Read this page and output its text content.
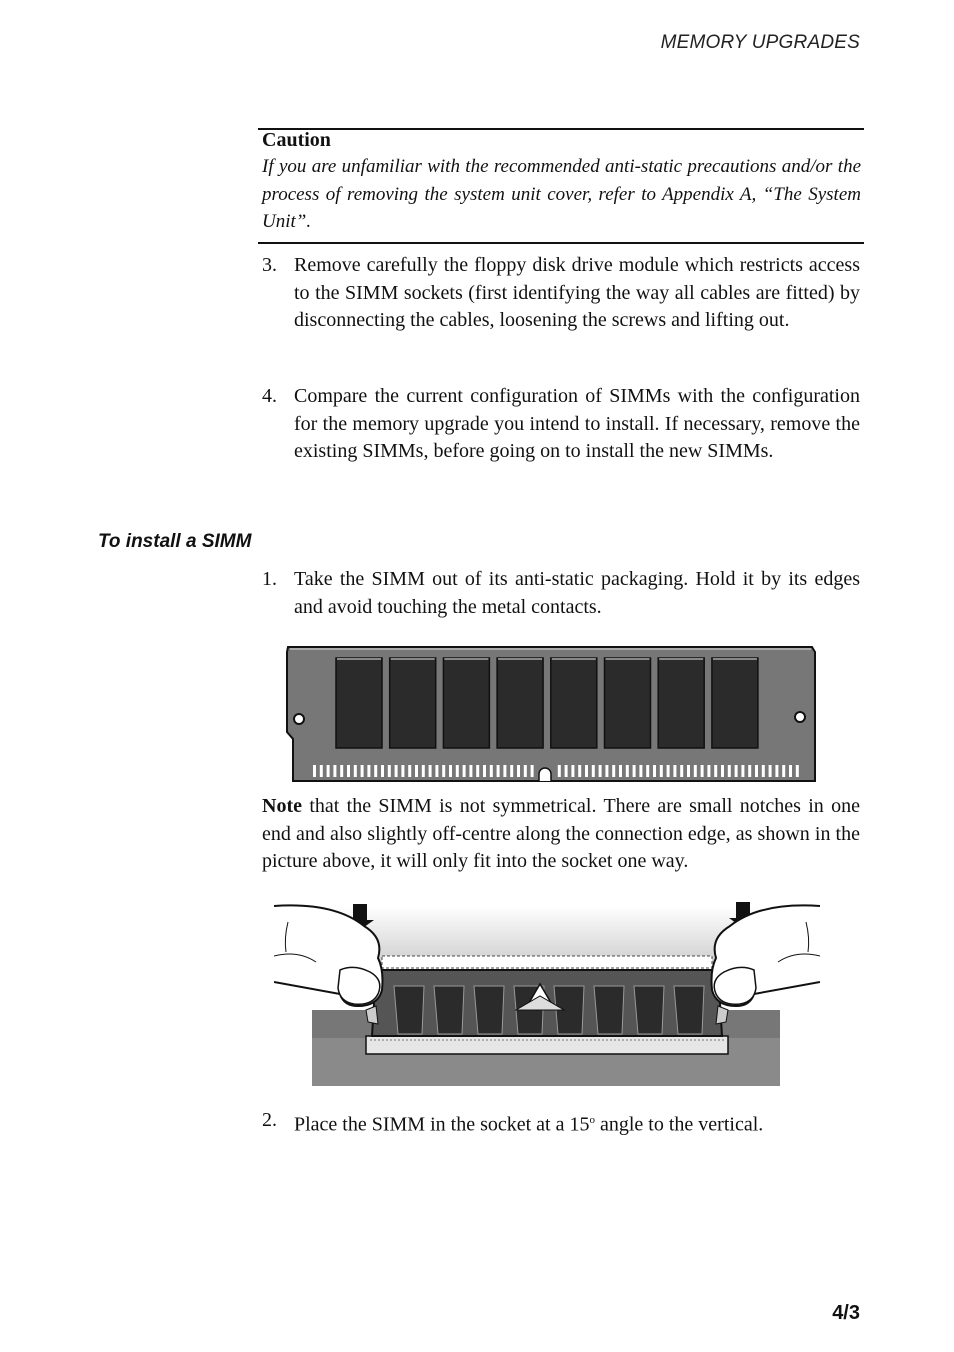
MEMORY UPGRADES
Caution
If you are unfamiliar with the recommended anti-static precautions and/or the process of removing the system unit cover, refer to Appendix A, “The System Unit”.
3. Remove carefully the floppy disk drive module which restricts access to the SIMM sockets (first identifying the way all cables are fitted) by disconnecting the cables, loosening the screws and lifting out.
4. Compare the current configuration of SIMMs with the configuration for the memory upgrade you intend to install. If necessary, remove the existing SIMMs, before going on to install the new SIMMs.
To install a SIMM
1. Take the SIMM out of its anti-static packaging. Hold it by its edges and avoid touching the metal contacts.
Note that the SIMM is not symmetrical. There are small notches in one end and also slightly off-centre along the connection edge, as shown in the picture above, it will only fit into the socket one way.
2. Place the SIMM in the socket at a 15$^o$ angle to the vertical.
4/3
